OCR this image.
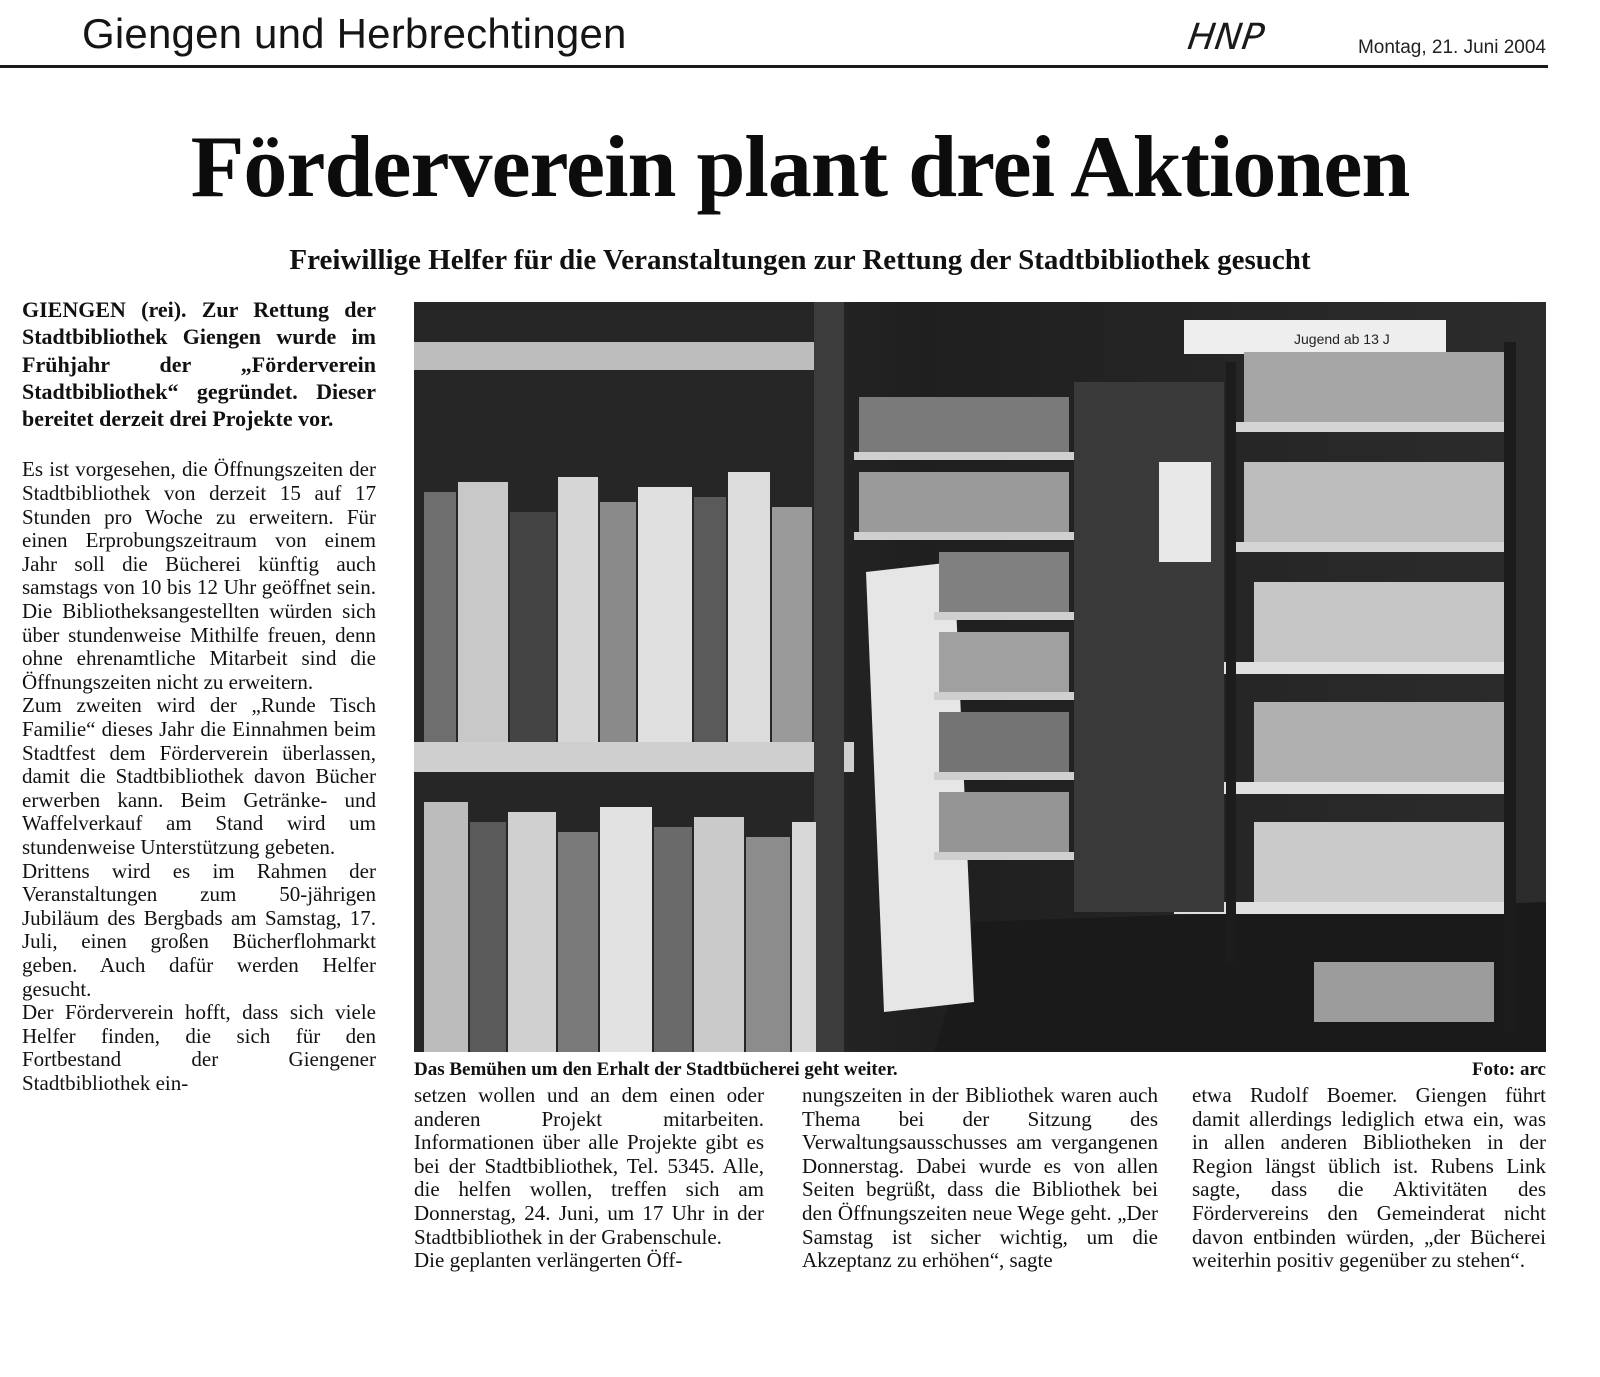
Giengen und Herbrechtingen	HNP	Montag, 21. Juni 2004
Förderverein plant drei Aktionen
Freiwillige Helfer für die Veranstaltungen zur Rettung der Stadtbibliothek gesucht

GIENGEN (rei). Zur Rettung der Stadtbibliothek Giengen wurde im Frühjahr der „Förderverein Stadtbibliothek“ gegründet. Dieser bereitet derzeit drei Projekte vor.

Es ist vorgesehen, die Öffnungszeiten der Stadtbibliothek von derzeit 15 auf 17 Stunden pro Woche zu erweitern. Für einen Erprobungszeitraum von einem Jahr soll die Bücherei künftig auch samstags von 10 bis 12 Uhr geöffnet sein. Die Bibliotheksangestellten würden sich über stundenweise Mithilfe freuen, denn ohne ehrenamtliche Mitarbeit sind die Öffnungszeiten nicht zu erweitern.

Zum zweiten wird der „Runde Tisch Familie“ dieses Jahr die Einnahmen beim Stadtfest dem Förderverein überlassen, damit die Stadtbibliothek davon Bücher erwerben kann. Beim Getränke- und Waffelverkauf am Stand wird um stundenweise Unterstützung gebeten.

Drittens wird es im Rahmen der Veranstaltungen zum 50-jährigen Jubiläum des Bergbads am Samstag, 17. Juli, einen großen Bücherflohmarkt geben. Auch dafür werden Helfer gesucht.

Der Förderverein hofft, dass sich viele Helfer finden, die sich für den Fortbestand der Giengener Stadtbibliothek ein-

Jugend ab 13 J
Das Bemühen um den Erhalt der Stadtbücherei geht weiter.	Foto: arc

setzen wollen und an dem einen oder anderen Projekt mitarbeiten. Informationen über alle Projekte gibt es bei der Stadtbibliothek, Tel. 5345. Alle, die helfen wollen, treffen sich am Donnerstag, 24. Juni, um 17 Uhr in der Stadtbibliothek in der Grabenschule.

Die geplanten verlängerten Öff-

nungszeiten in der Bibliothek waren auch Thema bei der Sitzung des Verwaltungsausschusses am vergangenen Donnerstag. Dabei wurde es von allen Seiten begrüßt, dass die Bibliothek bei den Öffnungszeiten neue Wege geht. „Der Samstag ist sicher wichtig, um die Akzeptanz zu erhöhen“, sagte

etwa Rudolf Boemer. Giengen führt damit allerdings lediglich etwa ein, was in allen anderen Bibliotheken in der Region längst üblich ist. Rubens Link sagte, dass die Aktivitäten des Fördervereins den Gemeinderat nicht davon entbinden würden, „der Bücherei weiterhin positiv gegenüber zu stehen“.
